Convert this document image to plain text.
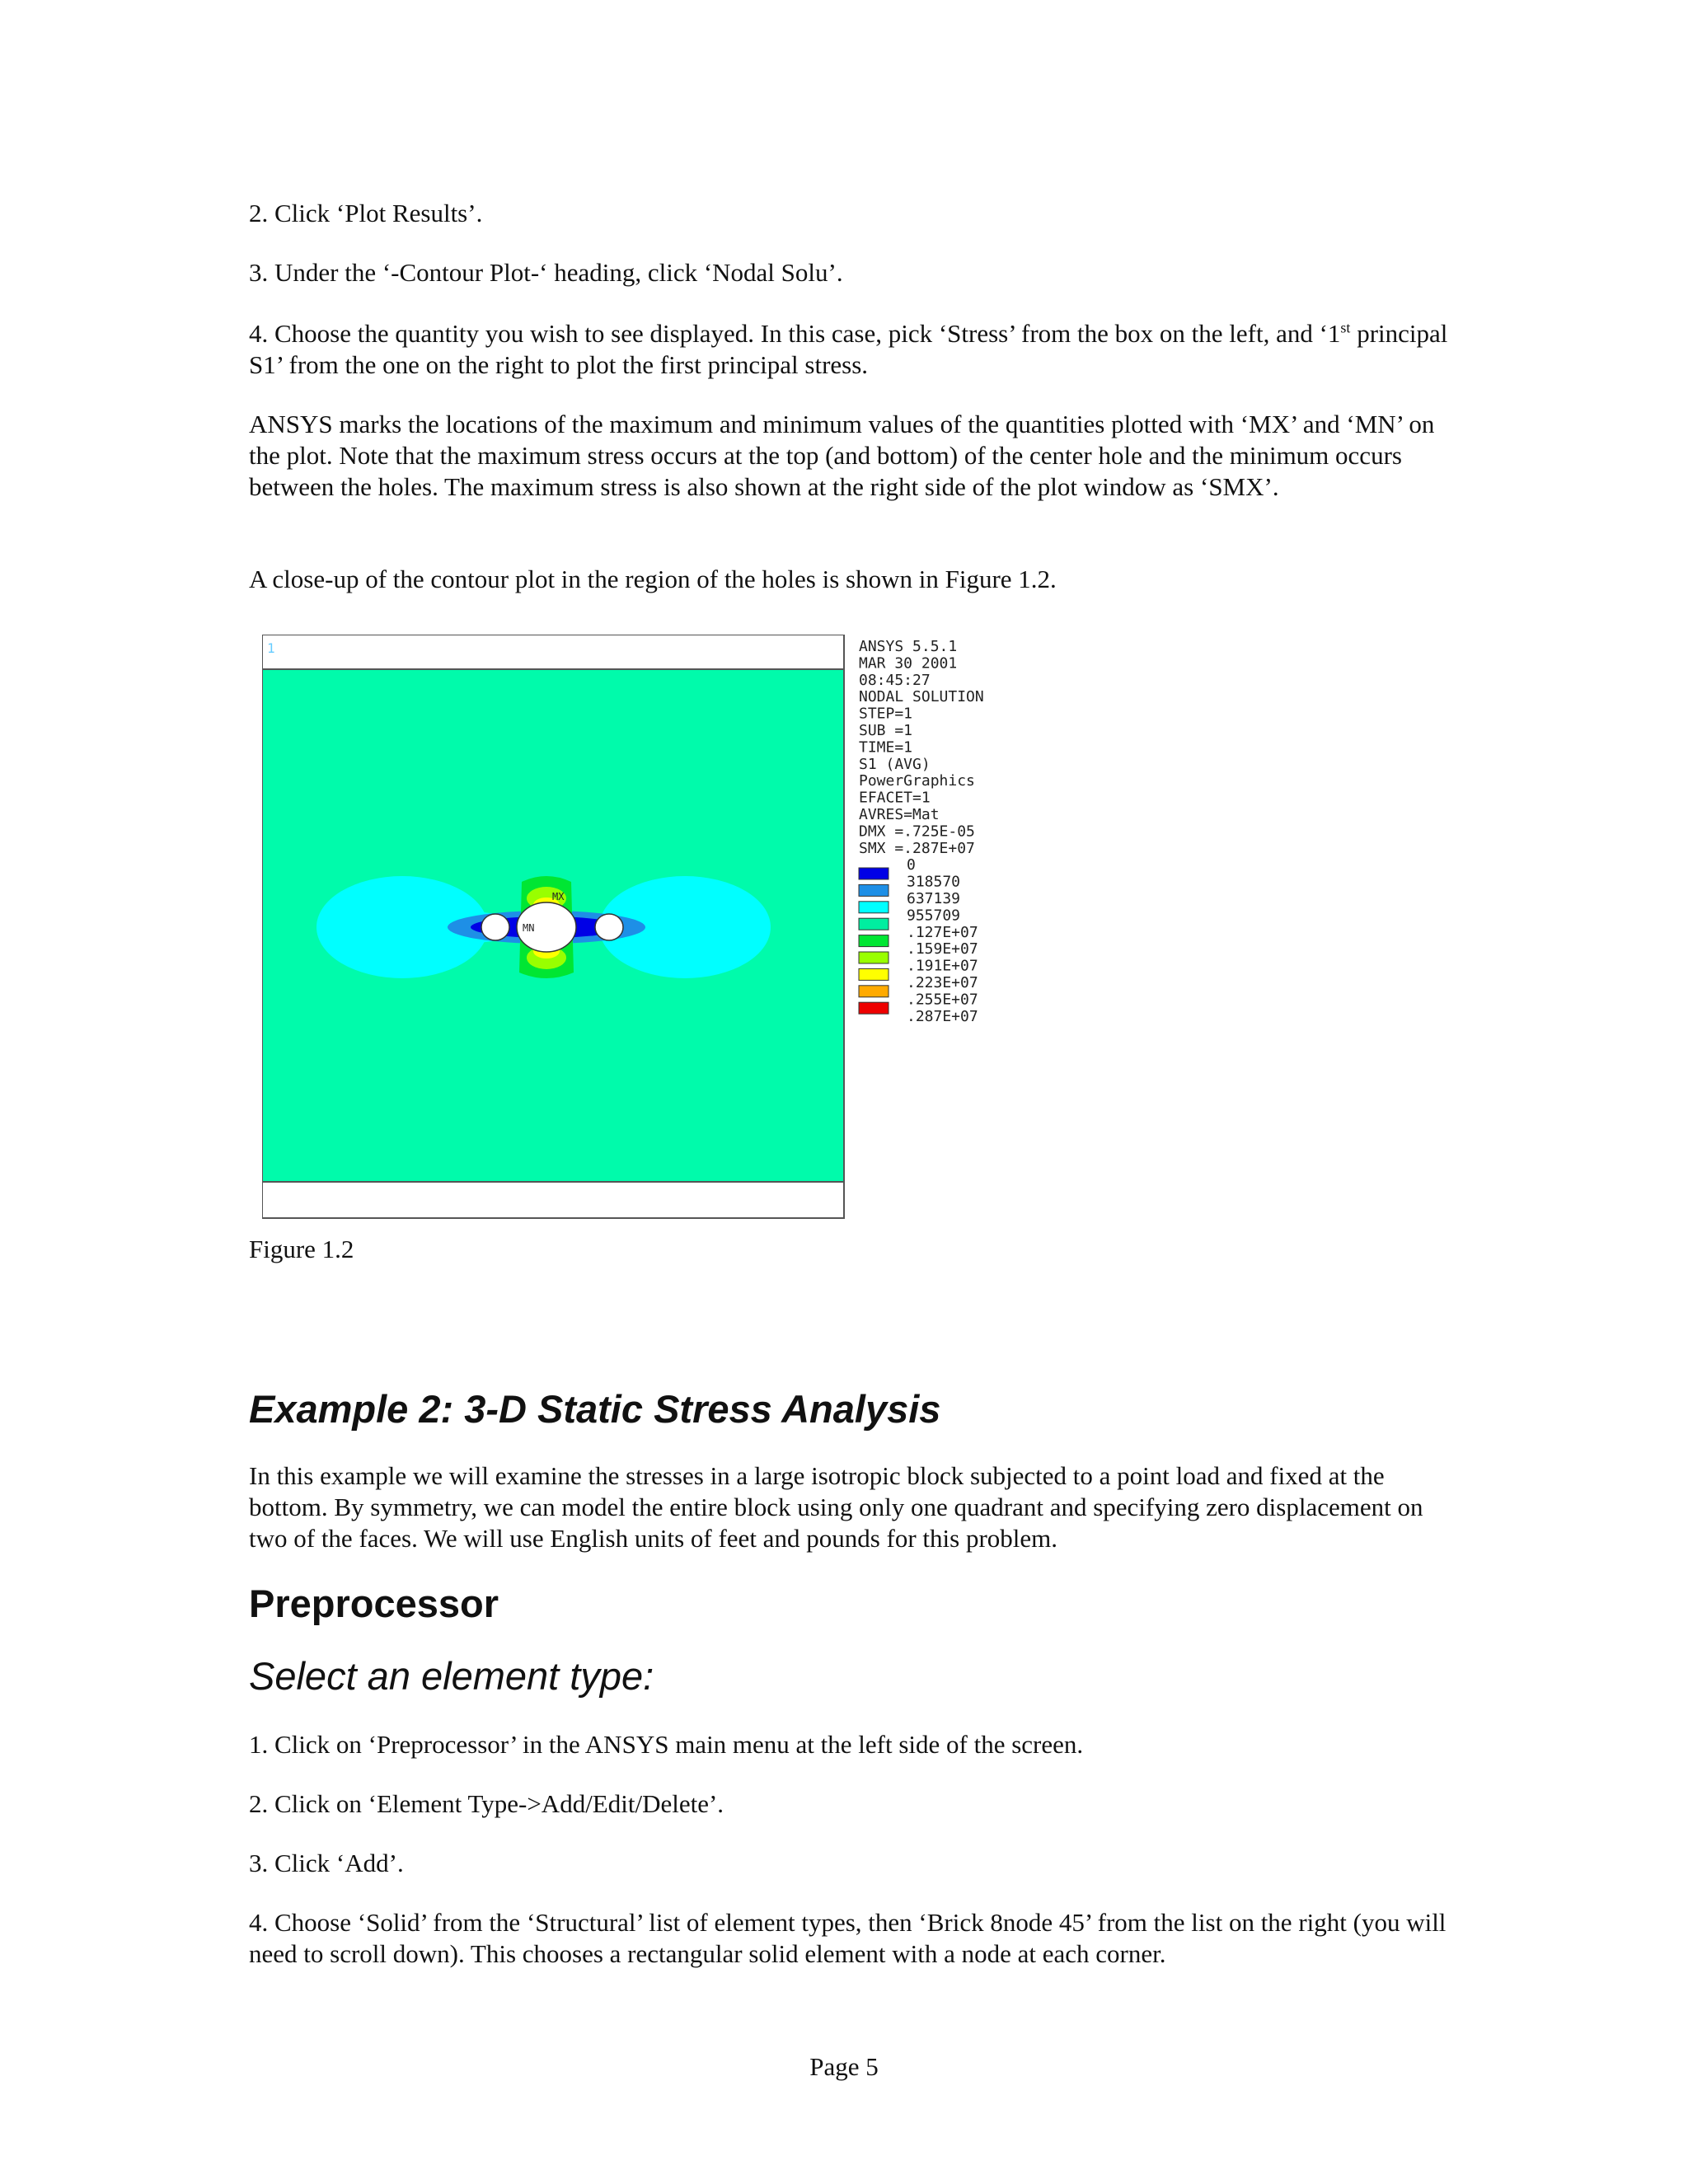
2. Click ‘Plot Results’.

3. Under the ‘-Contour Plot-‘ heading, click ‘Nodal Solu’.

4. Choose the quantity you wish to see displayed. In this case, pick ‘Stress’ from the box on the left, and ‘1st principal S1’ from the one on the right to plot the first principal stress.

ANSYS marks the locations of the maximum and minimum values of the quantities plotted with ‘MX’ and ‘MN’ on the plot. Note that the maximum stress occurs at the top (and bottom) of the center hole and the minimum occurs between the holes. The maximum stress is also shown at the right side of the plot window as ‘SMX’.

A close-up of the contour plot in the region of the holes is shown in Figure 1.2.

1
MX
MN
ANSYS 5.5.1
MAR 30 2001
08:45:27
NODAL SOLUTION
STEP=1
SUB =1
TIME=1
S1 (AVG)
PowerGraphics
EFACET=1
AVRES=Mat
DMX =.725E-05
SMX =.287E+07
0
318570
637139
955709
.127E+07
.159E+07
.191E+07
.223E+07
.255E+07
.287E+07
Figure 1.2
Example 2: 3-D Static Stress Analysis

In this example we will examine the stresses in a large isotropic block subjected to a point load and fixed at the bottom. By symmetry, we can model the entire block using only one quadrant and specifying zero displacement on two of the faces. We will use English units of feet and pounds for this problem.

Preprocessor
Select an element type:

1. Click on ‘Preprocessor’ in the ANSYS main menu at the left side of the screen.

2. Click on ‘Element Type->Add/Edit/Delete’.

3. Click ‘Add’.

4. Choose ‘Solid’ from the ‘Structural’ list of element types, then ‘Brick 8node 45’ from the list on the right (you will need to scroll down). This chooses a rectangular solid element with a node at each corner.

Page 5
